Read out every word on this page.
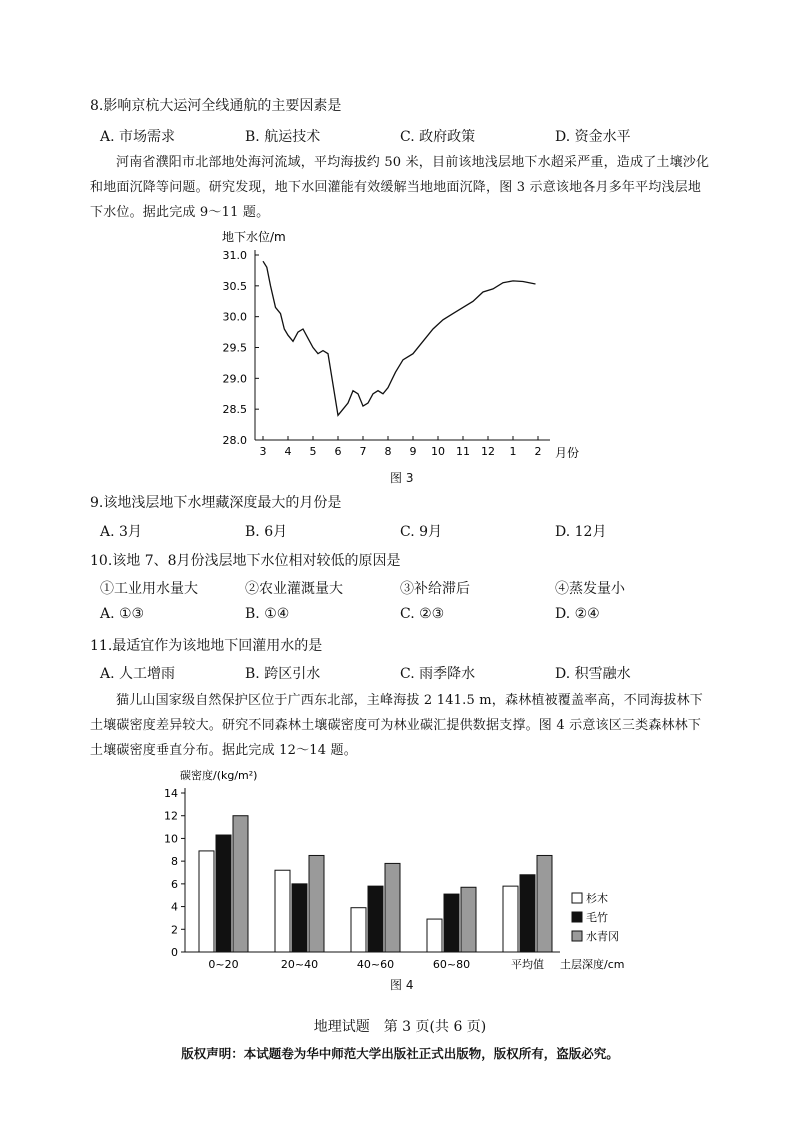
8.影响京杭大运河全线通航的主要因素是
A. 市场需求	B. 航运技术	C. 政府政策	D. 资金水平
河南省濮阳市北部地处海河流域，平均海拔约 50 米，目前该地浅层地下水超采严重，造成了土壤沙化和地面沉降等问题。研究发现，地下水回灌能有效缓解当地地面沉降，图 3 示意该地各月多年平均浅层地下水位。据此完成 9～11 题。
地下水位/m
28.0
28.5
29.0
29.5
30.0
30.5
31.0
3 4 5 6 7 8 9 10 11 12 1 2 月份
图 3
9.该地浅层地下水埋藏深度最大的月份是
A. 3月	B. 6月	C. 9月	D. 12月
10.该地 7、8月份浅层地下水位相对较低的原因是
①工业用水量大	②农业灌溉量大	③补给滞后	④蒸发量小
A. ①③	B. ①④	C. ②③	D. ②④
11.最适宜作为该地地下回灌用水的是
A. 人工增雨	B. 跨区引水	C. 雨季降水	D. 积雪融水
猫儿山国家级自然保护区位于广西东北部，主峰海拔 2 141.5 m，森林植被覆盖率高，不同海拔林下土壤碳密度差异较大。研究不同森林土壤碳密度可为林业碳汇提供数据支撑。图 4 示意该区三类森林林下土壤碳密度垂直分布。据此完成 12～14 题。
碳密度/(kg/m²)
0
2
4
6
8
10
12
14
0~20	20~40	40~60	60~80	平均值
杉木
毛竹
水青冈
土层深度/cm
图 4
地理试题　第 3 页(共 6 页)
版权声明：本试题卷为华中师范大学出版社正式出版物，版权所有，盗版必究。
